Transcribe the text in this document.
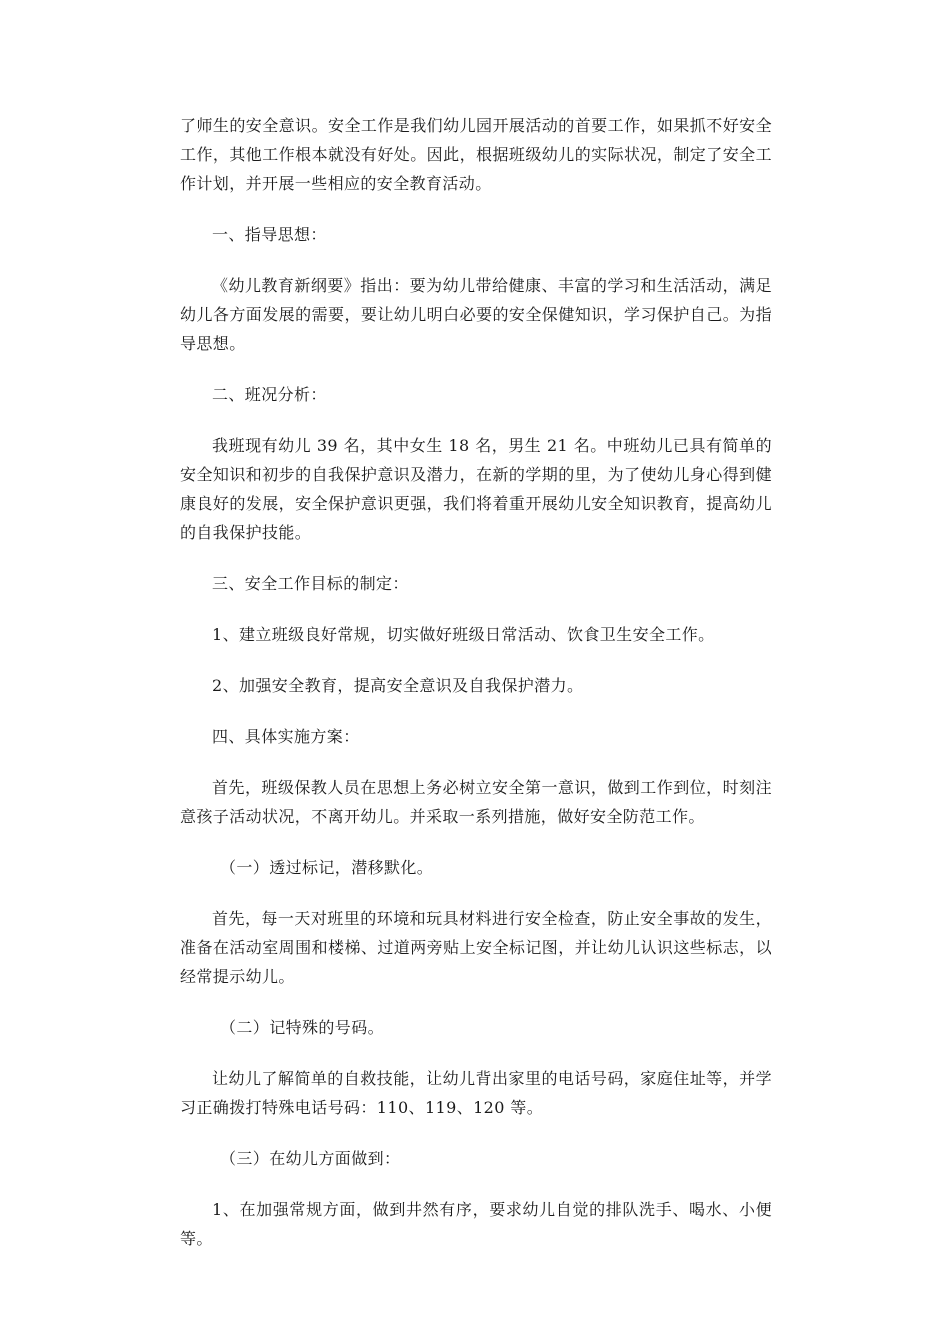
了师生的安全意识。安全工作是我们幼儿园开展活动的首要工作，如果抓不好安全工作，其他工作根本就没有好处。因此，根据班级幼儿的实际状况，制定了安全工作计划，并开展一些相应的安全教育活动。

一、指导思想：

《幼儿教育新纲要》指出：要为幼儿带给健康、丰富的学习和生活活动，满足幼儿各方面发展的需要，要让幼儿明白必要的安全保健知识，学习保护自己。为指导思想。

二、班况分析：

我班现有幼儿 39 名，其中女生 18 名，男生 21 名。中班幼儿已具有简单的安全知识和初步的自我保护意识及潜力，在新的学期的里，为了使幼儿身心得到健康良好的发展，安全保护意识更强，我们将着重开展幼儿安全知识教育，提高幼儿的自我保护技能。

三、安全工作目标的制定：

1、建立班级良好常规，切实做好班级日常活动、饮食卫生安全工作。

2、加强安全教育，提高安全意识及自我保护潜力。

四、具体实施方案：

首先，班级保教人员在思想上务必树立安全第一意识，做到工作到位，时刻注意孩子活动状况，不离开幼儿。并采取一系列措施，做好安全防范工作。

（一）透过标记，潜移默化。

首先，每一天对班里的环境和玩具材料进行安全检查，防止安全事故的发生，准备在活动室周围和楼梯、过道两旁贴上安全标记图，并让幼儿认识这些标志，以经常提示幼儿。

（二）记特殊的号码。

让幼儿了解简单的自救技能，让幼儿背出家里的电话号码，家庭住址等，并学习正确拨打特殊电话号码：110、119、120 等。

（三）在幼儿方面做到：

1、在加强常规方面，做到井然有序，要求幼儿自觉的排队洗手、喝水、小便等。
